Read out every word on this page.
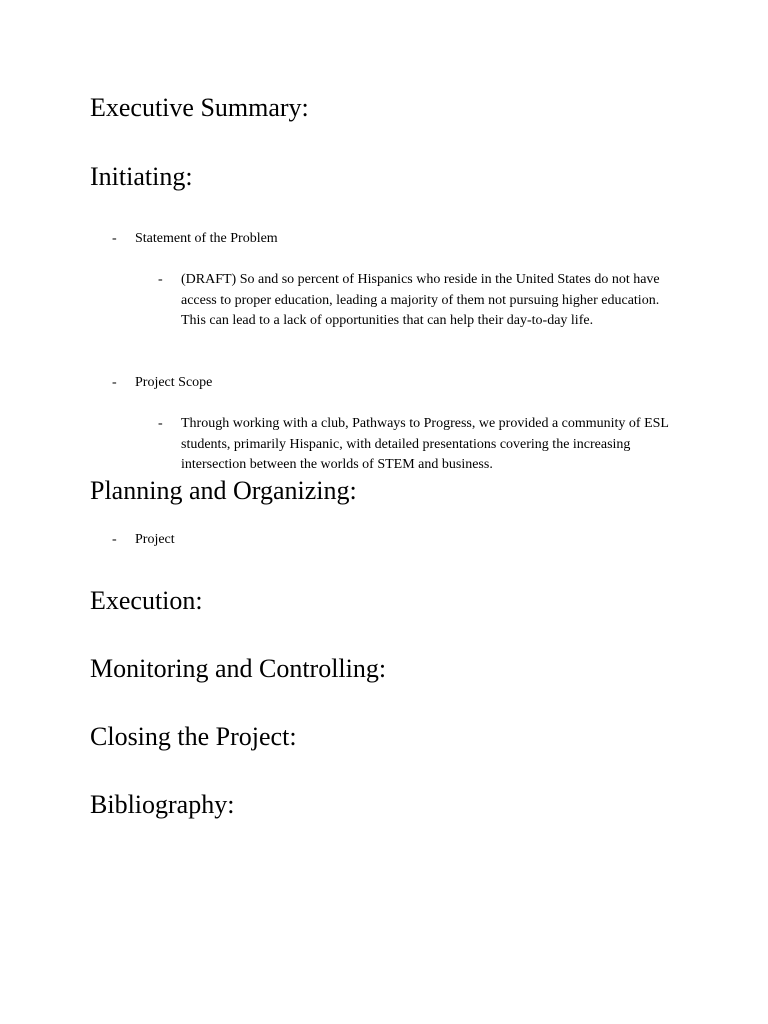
Executive Summary:
Initiating:
- Statement of the Problem
- (DRAFT) So and so percent of Hispanics who reside in the United States do not have access to proper education, leading a majority of them not pursuing higher education. This can lead to a lack of opportunities that can help their day-to-day life.
- Project Scope
- Through working with a club, Pathways to Progress, we provided a community of ESL students, primarily Hispanic, with detailed presentations covering the increasing intersection between the worlds of STEM and business.
Planning and Organizing:
- Project
Execution:
Monitoring and Controlling:
Closing the Project:
Bibliography:
